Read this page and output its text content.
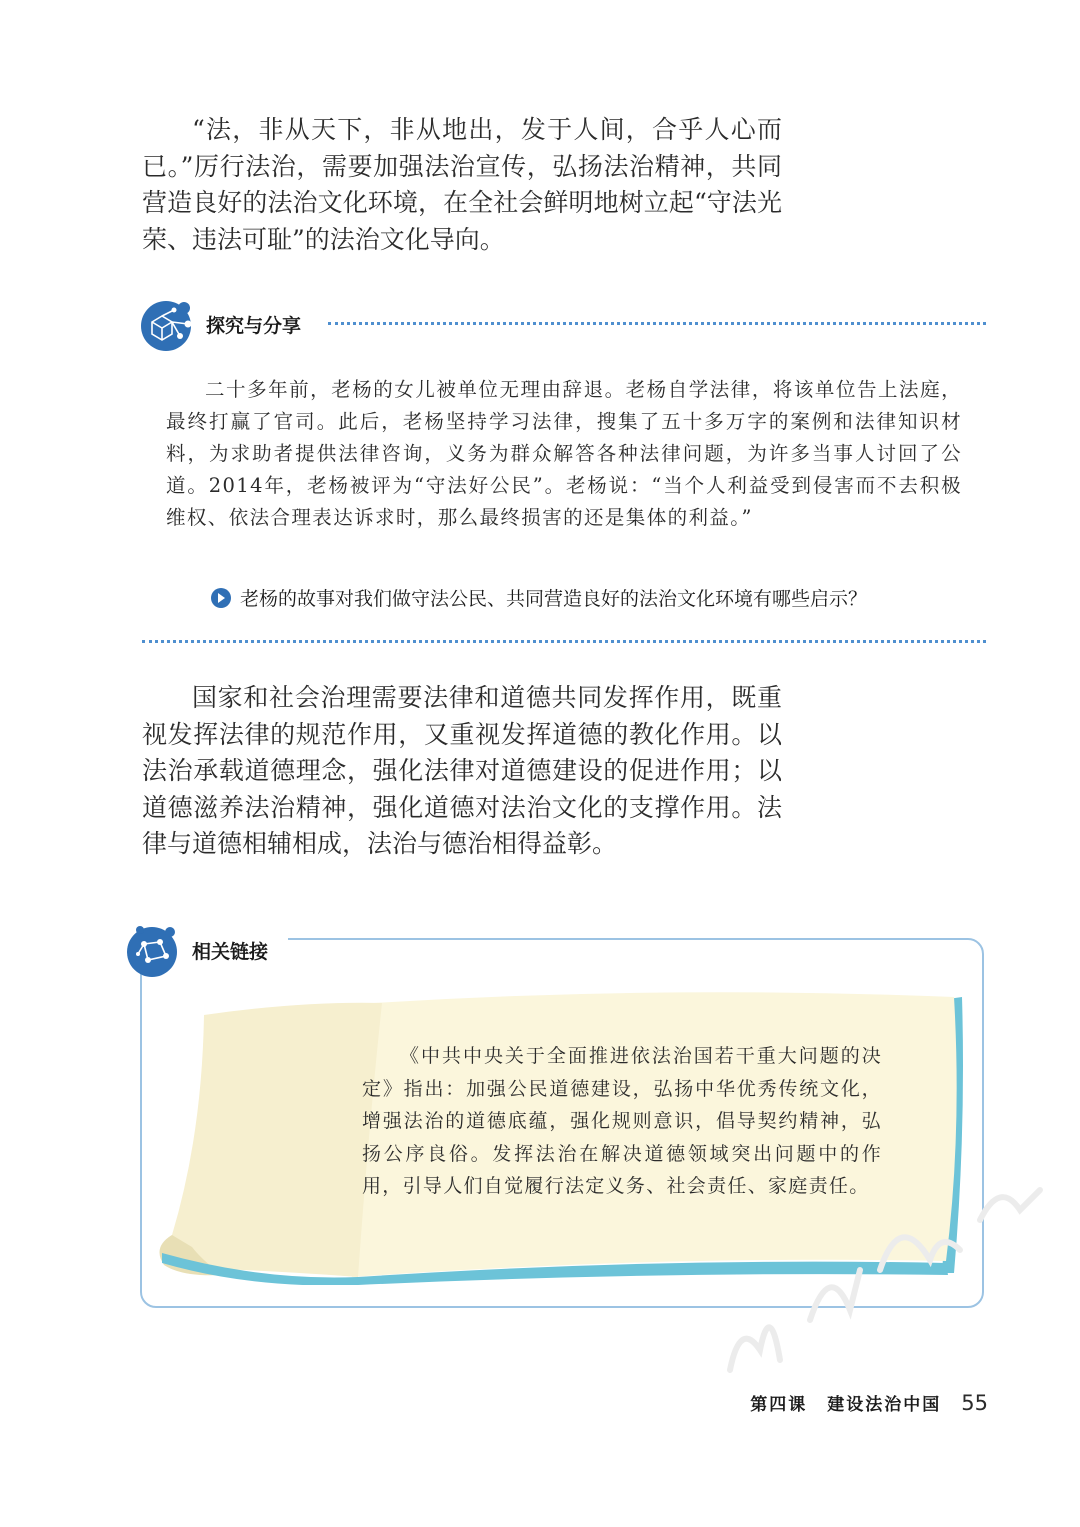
“法，非从天下，非从地出，发于人间，合乎人心而已。”厉行法治，需要加强法治宣传，弘扬法治精神，共同营造良好的法治文化环境，在全社会鲜明地树立起“守法光荣、违法可耻”的法治文化导向。

探究与分享

二十多年前，老杨的女儿被单位无理由辞退。老杨自学法律，将该单位告上法庭，最终打赢了官司。此后，老杨坚持学习法律，搜集了五十多万字的案例和法律知识材料，为求助者提供法律咨询，义务为群众解答各种法律问题，为许多当事人讨回了公道。2014年，老杨被评为“守法好公民”。老杨说：“当个人利益受到侵害而不去积极维权、依法合理表达诉求时，那么最终损害的还是集体的利益。”

老杨的故事对我们做守法公民、共同营造良好的法治文化环境有哪些启示？

国家和社会治理需要法律和道德共同发挥作用，既重视发挥法律的规范作用，又重视发挥道德的教化作用。以法治承载道德理念，强化法律对道德建设的促进作用；以道德滋养法治精神，强化道德对法治文化的支撑作用。法律与道德相辅相成，法治与德治相得益彰。

相关链接

《中共中央关于全面推进依法治国若干重大问题的决定》指出：加强公民道德建设，弘扬中华优秀传统文化，增强法治的道德底蕴，强化规则意识，倡导契约精神，弘扬公序良俗。发挥法治在解决道德领域突出问题中的作用，引导人们自觉履行法定义务、社会责任、家庭责任。

第四课 建设法治中国 55
